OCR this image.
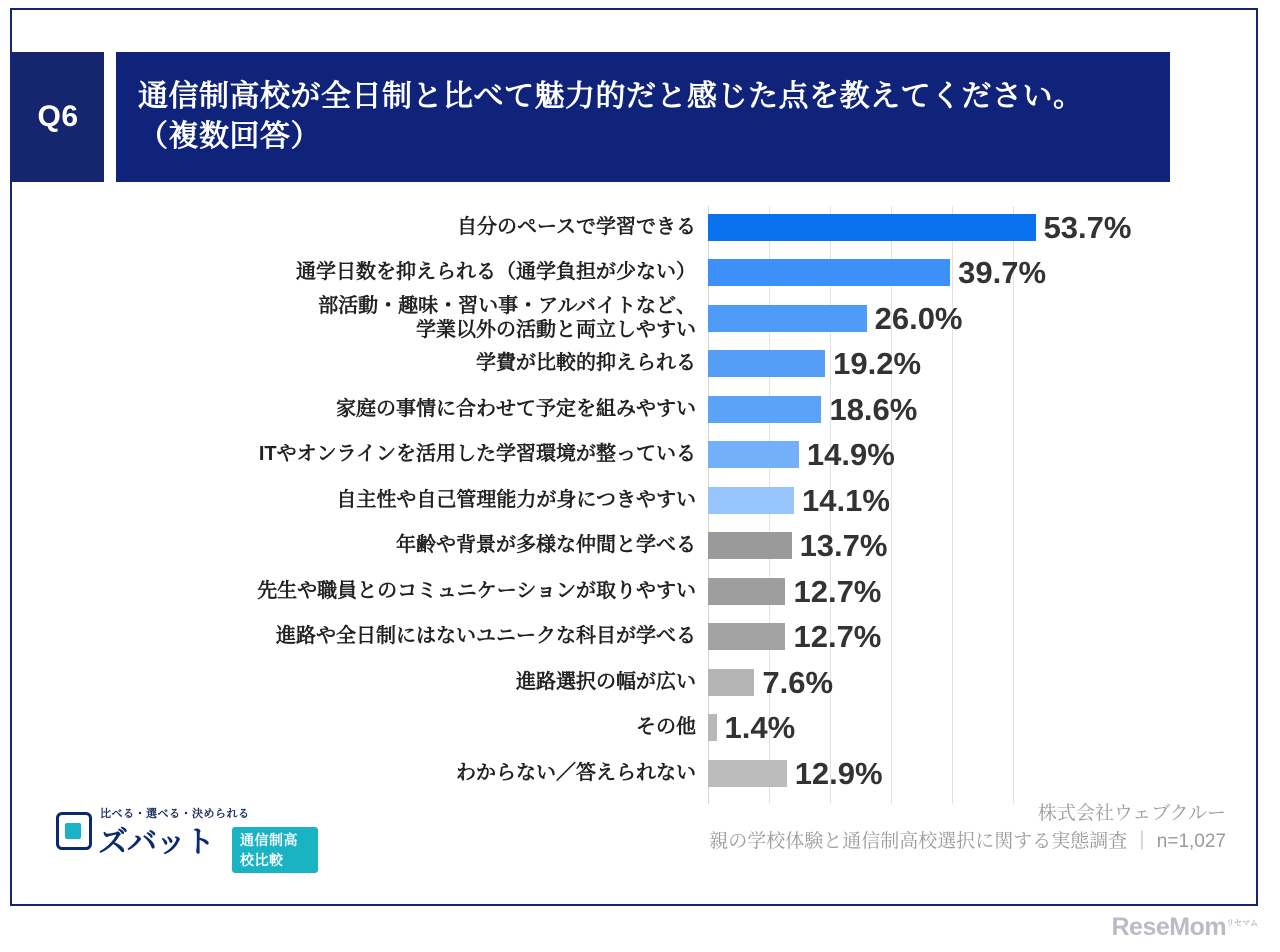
Q6
通信制高校が全日制と比べて魅力的だと感じた点を教えてください。
（複数回答）
自分のペースで学習できる	53.7%
通学日数を抑えられる（通学負担が少ない）	39.7%
部活動・趣味・習い事・アルバイトなど、
学業以外の活動と両立しやすい	26.0%
学費が比較的抑えられる	19.2%
家庭の事情に合わせて予定を組みやすい	18.6%
ITやオンラインを活用した学習環境が整っている	14.9%
自主性や自己管理能力が身につきやすい	14.1%
年齢や背景が多様な仲間と学べる	13.7%
先生や職員とのコミュニケーションが取りやすい	12.7%
進路や全日制にはないユニークな科目が学べる	12.7%
進路選択の幅が広い 7.6%
その他 1.4%
わからない／答えられない	12.9%
比べる・選べる・決められる
ズバット	通信制高校比較
株式会社ウェブクルー
親の学校体験と通信制高校選択に関する実態調査 ｜ n=1,027
ReseMom$^{リセマム}$
